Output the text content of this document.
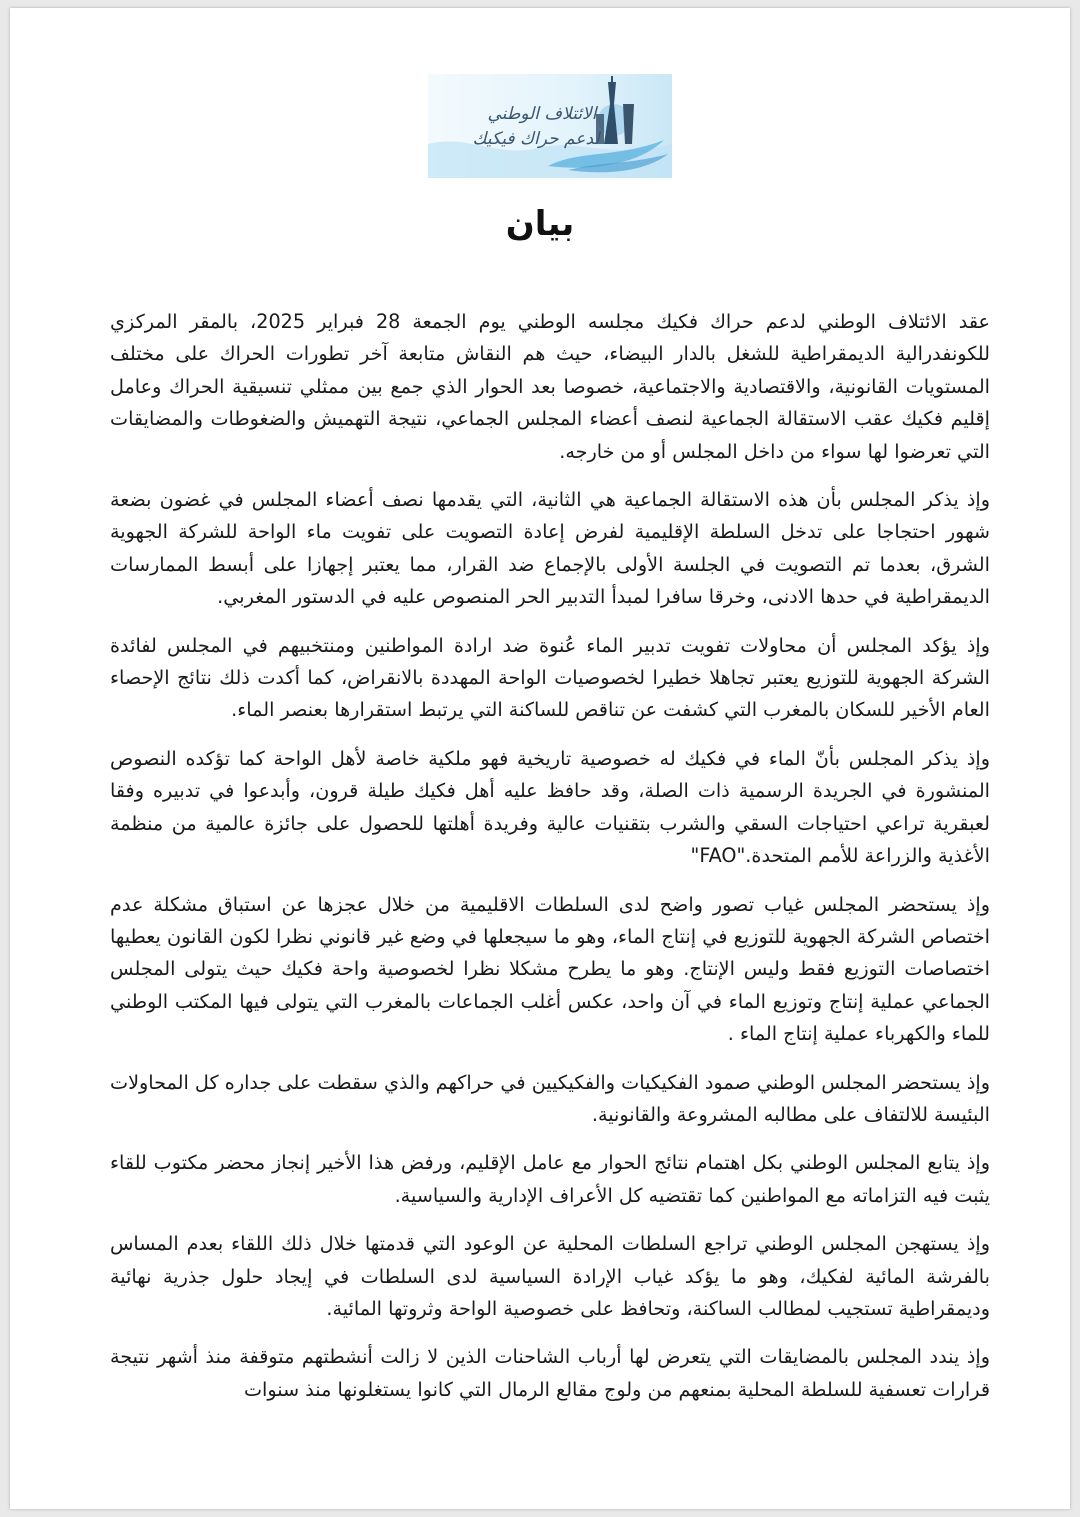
الائتلاف الوطني
لدعم حراك فيكيك
بيان

عقد الائتلاف الوطني لدعم حراك فكيك مجلسه الوطني يوم الجمعة 28 فبراير 2025، بالمقر المركزي للكونفدرالية الديمقراطية للشغل بالدار البيضاء، حيث هم النقاش متابعة آخر تطورات الحراك على مختلف المستويات القانونية، والاقتصادية والاجتماعية، خصوصا بعد الحوار الذي جمع بين ممثلي تنسيقية الحراك وعامل إقليم فكيك عقب الاستقالة الجماعية لنصف أعضاء المجلس الجماعي، نتيجة التهميش والضغوطات والمضايقات التي تعرضوا لها سواء من داخل المجلس أو من خارجه.

وإذ يذكر المجلس بأن هذه الاستقالة الجماعية هي الثانية، التي يقدمها نصف أعضاء المجلس في غضون بضعة شهور احتجاجا على تدخل السلطة الإقليمية لفرض إعادة التصويت على تفويت ماء الواحة للشركة الجهوية الشرق، بعدما تم التصويت في الجلسة الأولى بالإجماع ضد القرار، مما يعتبر إجهازا على أبسط الممارسات الديمقراطية في حدها الادنى، وخرقا سافرا لمبدأ التدبير الحر المنصوص عليه في الدستور المغربي.

وإذ يؤكد المجلس أن محاولات تفويت تدبير الماء عُنوة ضد ارادة المواطنين ومنتخبيهم في المجلس لفائدة الشركة الجهوية للتوزيع يعتبر تجاهلا خطيرا لخصوصيات الواحة المهددة بالانقراض، كما أكدت ذلك نتائج الإحصاء العام الأخير للسكان بالمغرب التي كشفت عن تناقص للساكنة التي يرتبط استقرارها بعنصر الماء.

وإذ يذكر المجلس بأنّ الماء في فكيك له خصوصية تاريخية فهو ملكية خاصة لأهل الواحة كما تؤكده النصوص المنشورة في الجريدة الرسمية ذات الصلة، وقد حافظ عليه أهل فكيك طيلة قرون، وأبدعوا في تدبيره وفقا لعبقرية تراعي احتياجات السقي والشرب بتقنيات عالية وفريدة أهلتها للحصول على جائزة عالمية من منظمة الأغذية والزراعة للأمم المتحدة."FAO"

وإذ يستحضر المجلس غياب تصور واضح لدى السلطات الاقليمية من خلال عجزها عن استباق مشكلة عدم اختصاص الشركة الجهوية للتوزيع في إنتاج الماء، وهو ما سيجعلها في وضع غير قانوني نظرا لكون القانون يعطيها اختصاصات التوزيع فقط وليس الإنتاج. وهو ما يطرح مشكلا نظرا لخصوصية واحة فكيك حيث يتولى المجلس الجماعي عملية إنتاج وتوزيع الماء في آن واحد، عكس أغلب الجماعات بالمغرب التي يتولى فيها المكتب الوطني للماء والكهرباء عملية إنتاج الماء .

وإذ يستحضر المجلس الوطني صمود الفكيكيات والفكيكيين في حراكهم والذي سقطت على جداره كل المحاولات البئيسة للالتفاف على مطالبه المشروعة والقانونية.

وإذ يتابع المجلس الوطني بكل اهتمام نتائج الحوار مع عامل الإقليم، ورفض هذا الأخير إنجاز محضر مكتوب للقاء يثبت فيه التزاماته مع المواطنين كما تقتضيه كل الأعراف الإدارية والسياسية.

وإذ يستهجن المجلس الوطني تراجع السلطات المحلية عن الوعود التي قدمتها خلال ذلك اللقاء بعدم المساس بالفرشة المائية لفكيك، وهو ما يؤكد غياب الإرادة السياسية لدى السلطات في إيجاد حلول جذرية نهائية وديمقراطية تستجيب لمطالب الساكنة، وتحافظ على خصوصية الواحة وثروتها المائية.

وإذ يندد المجلس بالمضايقات التي يتعرض لها أرباب الشاحنات الذين لا زالت أنشطتهم متوقفة منذ أشهر نتيجة قرارات تعسفية للسلطة المحلية بمنعهم من ولوج مقالع الرمال التي كانوا يستغلونها منذ سنوات
